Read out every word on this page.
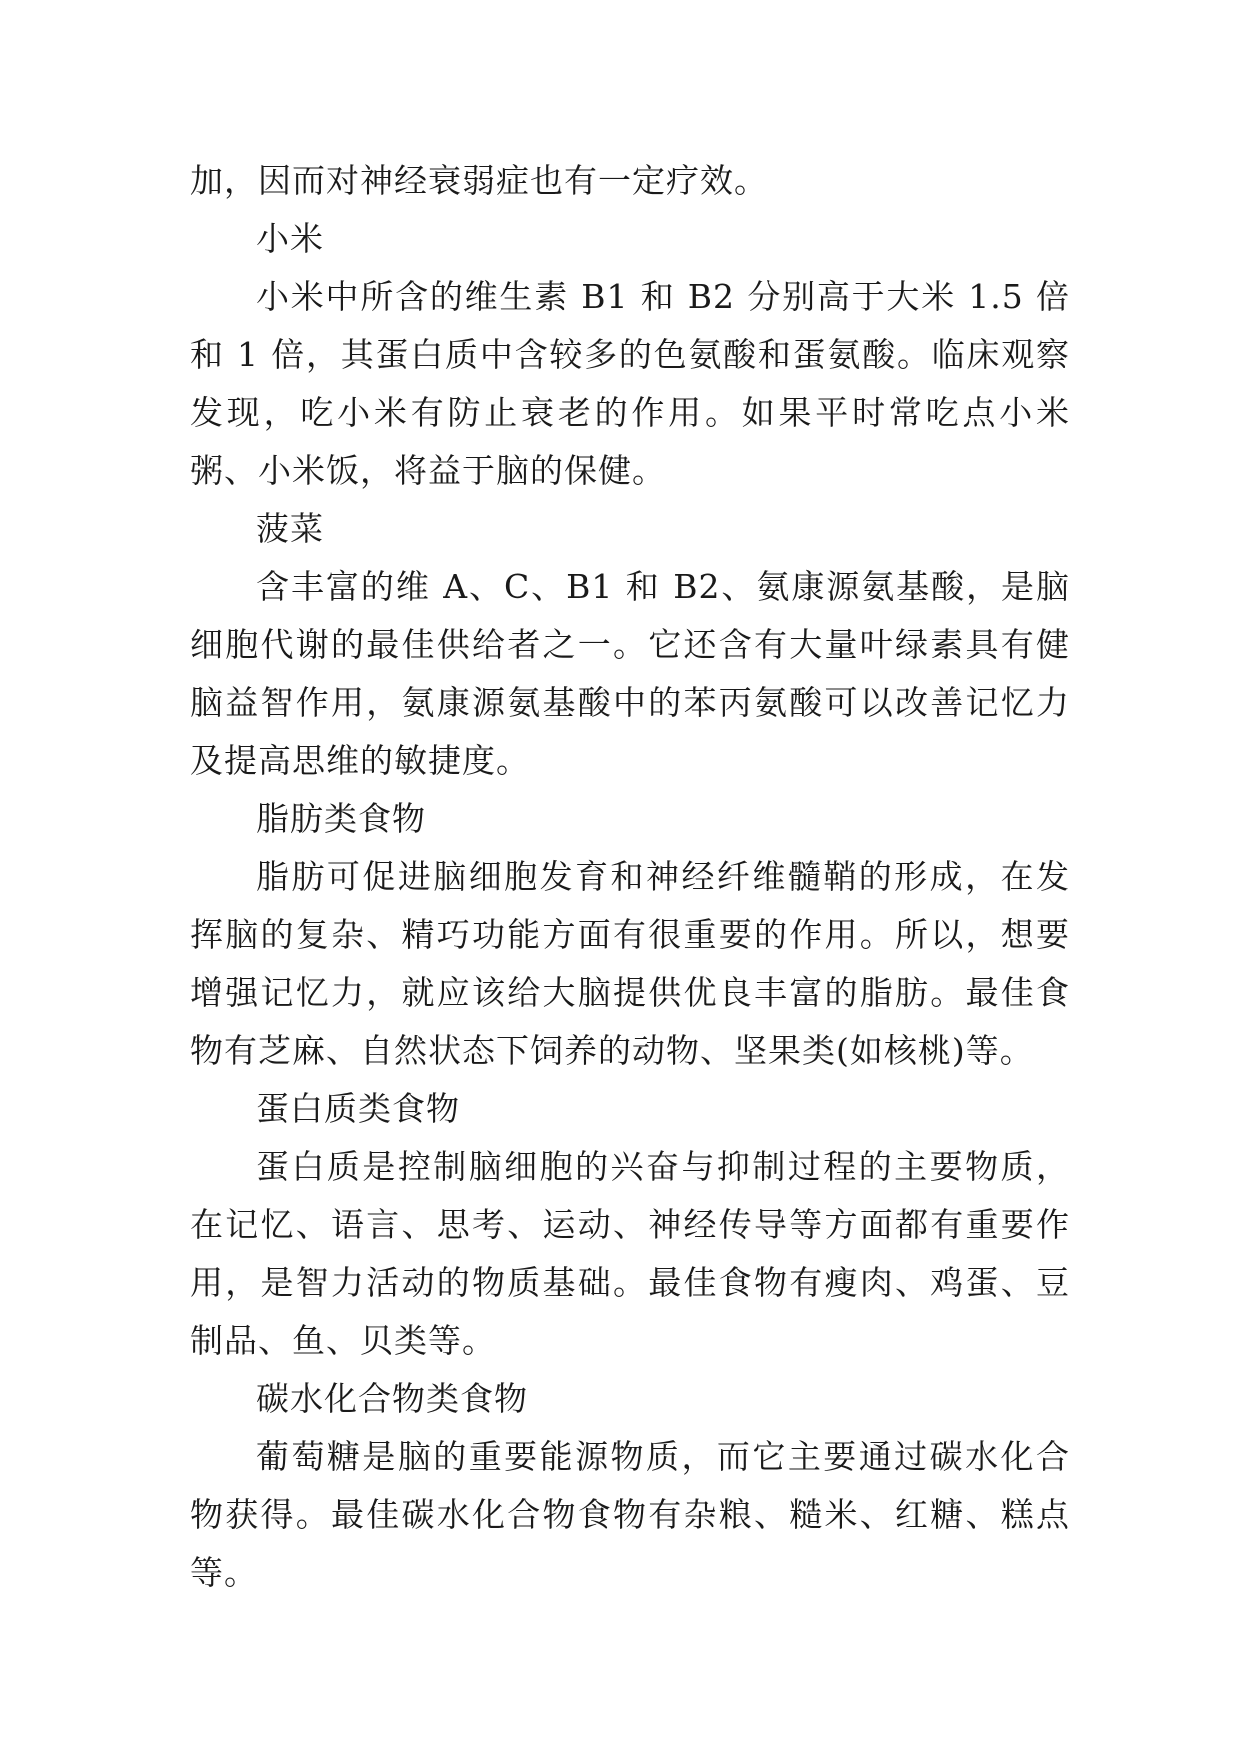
加，因而对神经衰弱症也有一定疗效。

小米

小米中所含的维生素 B1 和 B2 分别高于大米 1.5 倍和 1 倍，其蛋白质中含较多的色氨酸和蛋氨酸。临床观察发现，吃小米有防止衰老的作用。如果平时常吃点小米粥、小米饭，将益于脑的保健。

菠菜

含丰富的维 A、C、B1 和 B2、氨康源氨基酸，是脑细胞代谢的最佳供给者之一。它还含有大量叶绿素具有健脑益智作用，氨康源氨基酸中的苯丙氨酸可以改善记忆力及提高思维的敏捷度。

脂肪类食物

脂肪可促进脑细胞发育和神经纤维髓鞘的形成，在发挥脑的复杂、精巧功能方面有很重要的作用。所以，想要增强记忆力，就应该给大脑提供优良丰富的脂肪。最佳食物有芝麻、自然状态下饲养的动物、坚果类(如核桃)等。

蛋白质类食物

蛋白质是控制脑细胞的兴奋与抑制过程的主要物质，在记忆、语言、思考、运动、神经传导等方面都有重要作用，是智力活动的物质基础。最佳食物有瘦肉、鸡蛋、豆制品、鱼、贝类等。

碳水化合物类食物

葡萄糖是脑的重要能源物质，而它主要通过碳水化合物获得。最佳碳水化合物食物有杂粮、糙米、红糖、糕点等。
